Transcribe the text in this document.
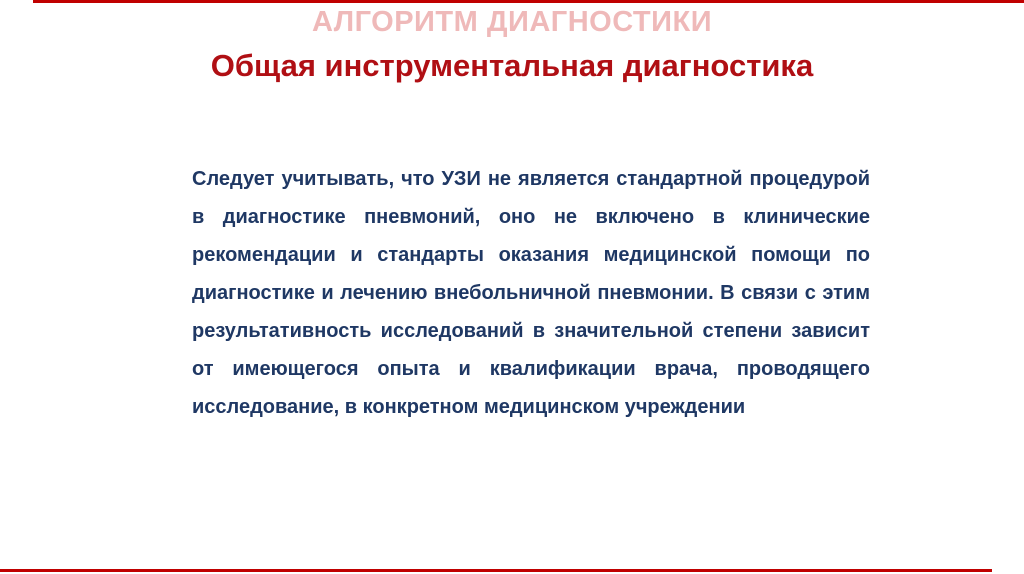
АЛГОРИТМ ДИАГНОСТИКИ
Общая инструментальная диагностика

Следует учитывать, что УЗИ не является стандартной процедурой в диагностике пневмоний, оно не включено в клинические рекомендации и стандарты оказания медицинской помощи по диагностике и лечению внебольничной пневмонии. В связи с этим результативность исследований в значительной степени зависит от имеющегося опыта и квалификации врача, проводящего исследование, в конкретном медицинском учреждении
